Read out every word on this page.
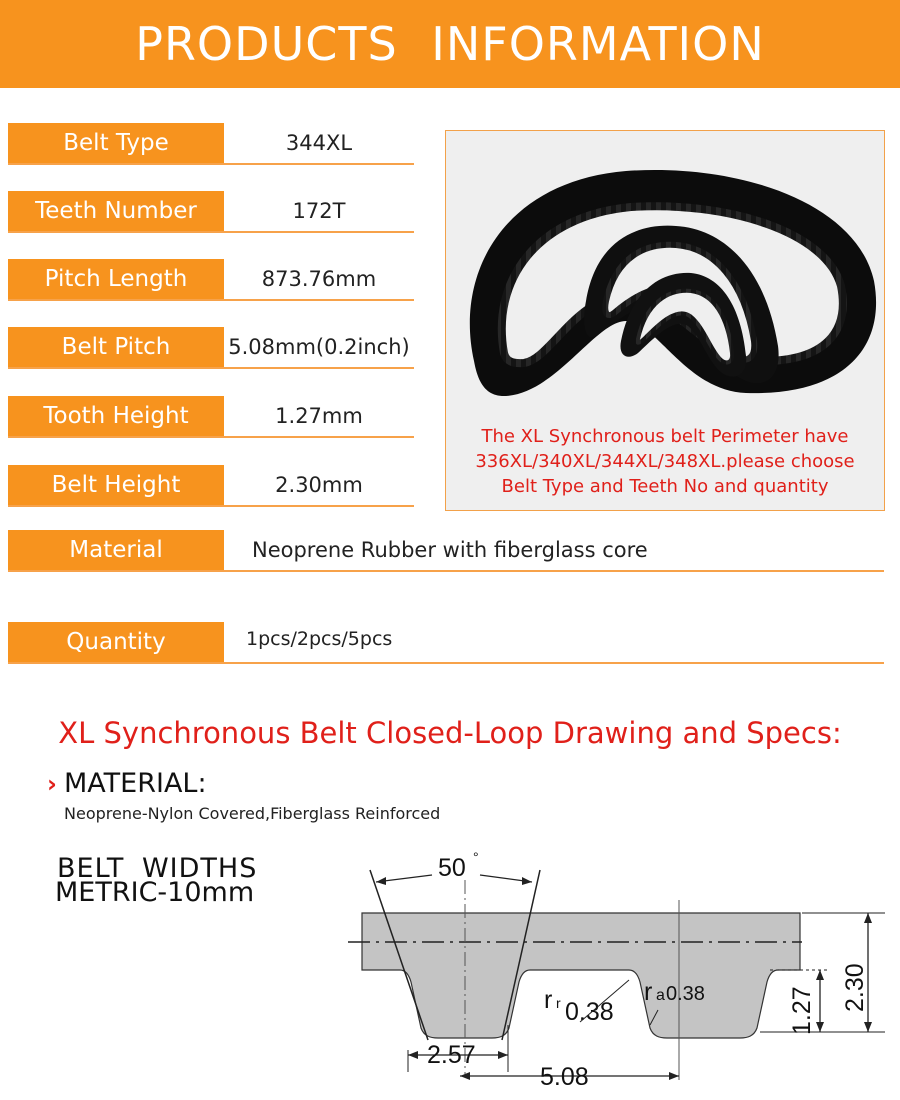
PRODUCTS INFORMATION
Belt Type	344XL
Teeth Number	172T
Pitch Length	873.76mm
Belt Pitch	5.08mm(0.2inch)
Tooth Height	1.27mm
Belt Height	2.30mm
Material	Neoprene Rubber with fiberglass core
Quantity	1pcs/2pcs/5pcs
The XL Synchronous belt Perimeter have
336XL/340XL/344XL/348XL.please choose
Belt Type and Teeth No and quantity
XL Synchronous Belt Closed-Loop Drawing and Specs:
› MATERIAL:
Neoprene-Nylon Covered,Fiberglass Reinforced
BELT WIDTHS
METRIC-10mm
50 °
r r 0.38
r a 0.38
2.57
5.08
1.27 2.30
